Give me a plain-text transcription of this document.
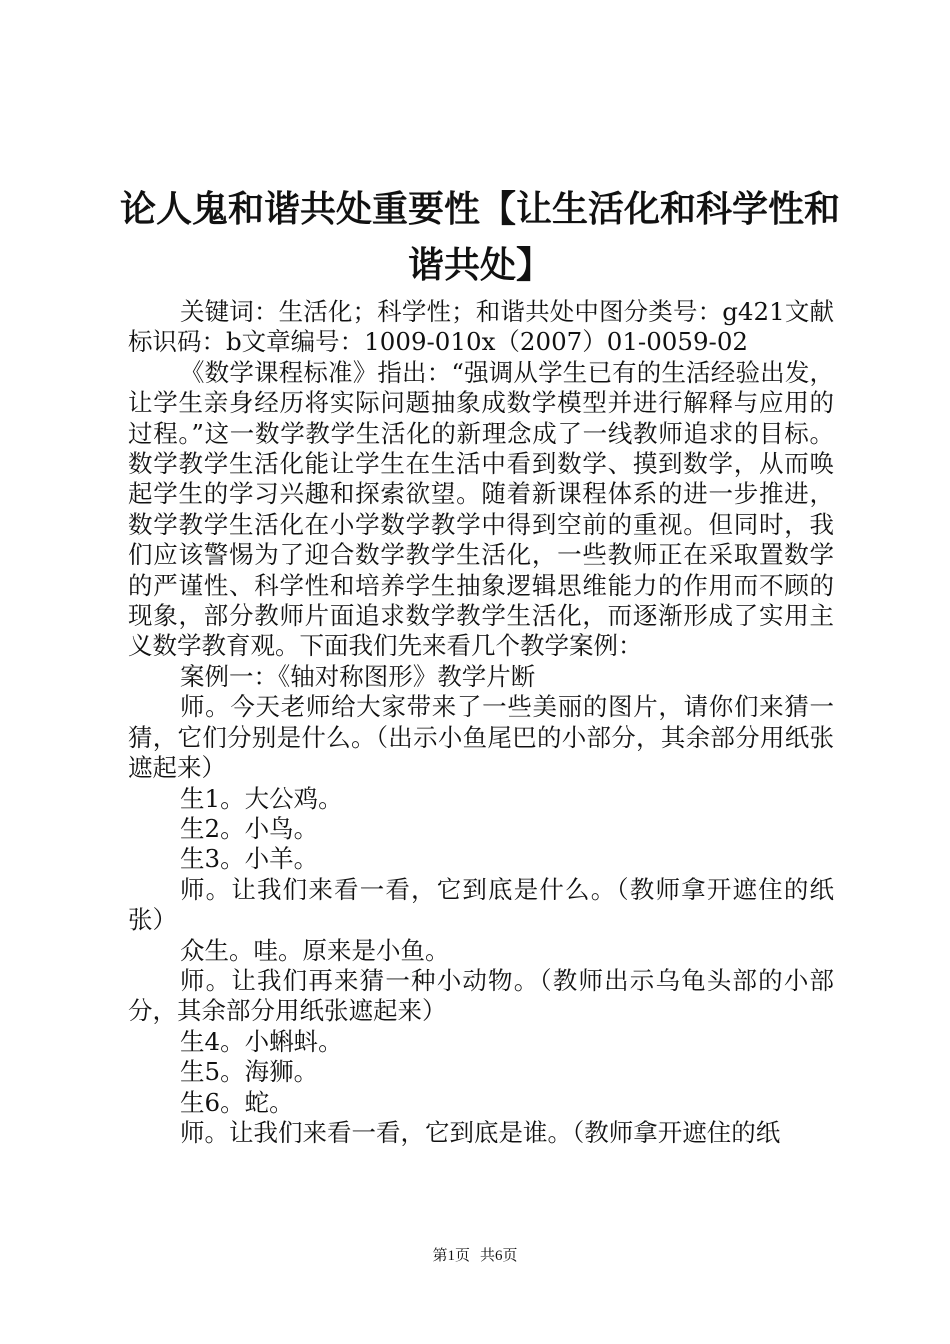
论人鬼和谐共处重要性【让生活化和科学性和谐共处】

关键词：生活化；科学性；和谐共处中图分类号：g421文献标识码：b文章编号：1009-010x（2007）01-0059-02

《数学课程标准》指出：“强调从学生已有的生活经验出发，让学生亲身经历将实际问题抽象成数学模型并进行解释与应用的过程。”这一数学教学生活化的新理念成了一线教师追求的目标。数学教学生活化能让学生在生活中看到数学、摸到数学，从而唤起学生的学习兴趣和探索欲望。随着新课程体系的进一步推进，数学教学生活化在小学数学教学中得到空前的重视。但同时，我们应该警惕为了迎合数学教学生活化，一些教师正在采取置数学的严谨性、科学性和培养学生抽象逻辑思维能力的作用而不顾的现象，部分教师片面追求数学教学生活化，而逐渐形成了实用主义数学教育观。下面我们先来看几个教学案例：

案例一：《轴对称图形》教学片断

师。今天老师给大家带来了一些美丽的图片，请你们来猜一猜，它们分别是什么。（出示小鱼尾巴的小部分，其余部分用纸张遮起来）

生1。大公鸡。

生2。小鸟。

生3。小羊。

师。让我们来看一看，它到底是什么。（教师拿开遮住的纸张）

众生。哇。原来是小鱼。

师。让我们再来猜一种小动物。（教师出示乌龟头部的小部分，其余部分用纸张遮起来）

生4。小蝌蚪。

生5。海狮。

生6。蛇。

师。让我们来看一看，它到底是谁。（教师拿开遮住的纸

第1页 共6页
